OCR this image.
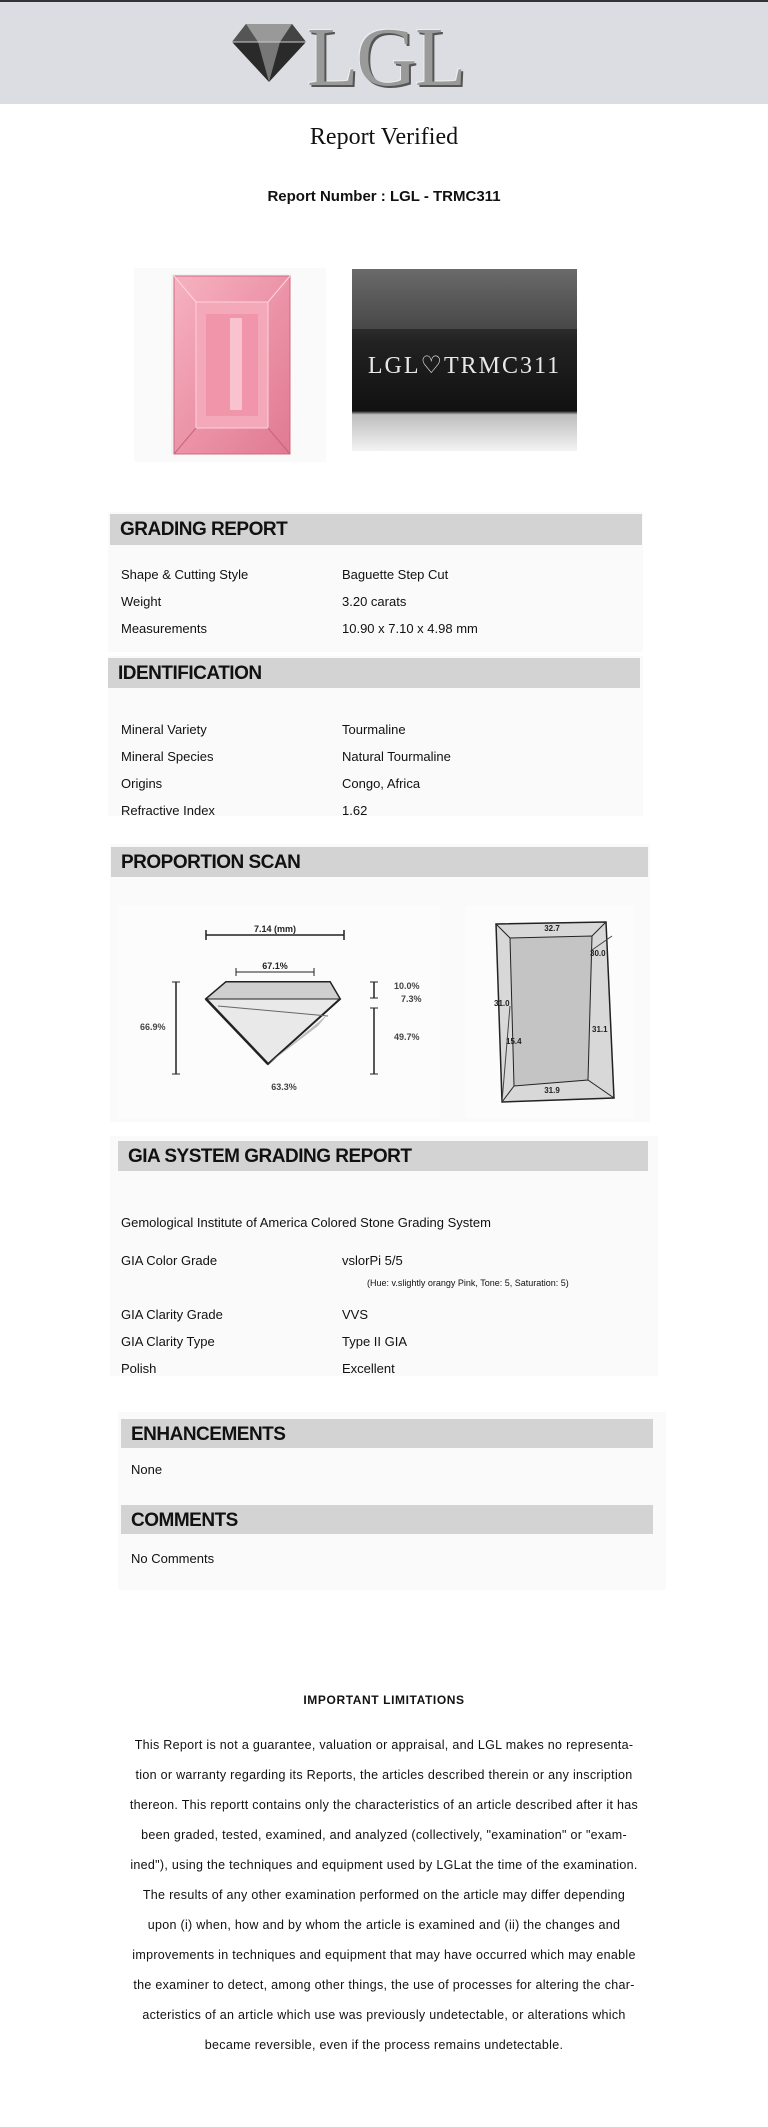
LGL
Report Verified
Report Number : LGL - TRMC311
LGL♡TRMC311
GRADING REPORT
Shape & Cutting Style	Baguette Step Cut
Weight	3.20 carats
Measurements	10.90 x 7.10 x 4.98 mm
IDENTIFICATION
Mineral Variety	Tourmaline
Mineral Species	Natural Tourmaline
Origins	Congo, Africa
Refractive Index	1.62
PROPORTION SCAN
7.14 (mm)
67.1%
66.9%
10.0%
7.3%
49.7%
63.3%
32.7
30.0
31.0
31.1
15.4
31.9
GIA SYSTEM GRADING REPORT
Gemological Institute of America Colored Stone Grading System
GIA Color Grade	vslorPi 5/5
(Hue: v.slightly orangy Pink, Tone: 5, Saturation: 5)
GIA Clarity Grade	VVS
GIA Clarity Type	Type II GIA
Polish	Excellent
ENHANCEMENTS
None
COMMENTS
No Comments
IMPORTANT LIMITATIONS
This Report is not a guarantee, valuation or appraisal, and LGL makes no representa-
tion or warranty regarding its Reports, the articles described therein or any inscription
thereon. This reportt contains only the characteristics of an article described after it has
been graded, tested, examined, and analyzed (collectively, "examination" or "exam-
ined"), using the techniques and equipment used by LGLat the time of the examination.
The results of any other examination performed on the article may differ depending
upon (i) when, how and by whom the article is examined and (ii) the changes and
improvements in techniques and equipment that may have occurred which may enable
the examiner to detect, among other things, the use of processes for altering the char-
acteristics of an article which use was previously undetectable, or alterations which
became reversible, even if the process remains undetectable.
